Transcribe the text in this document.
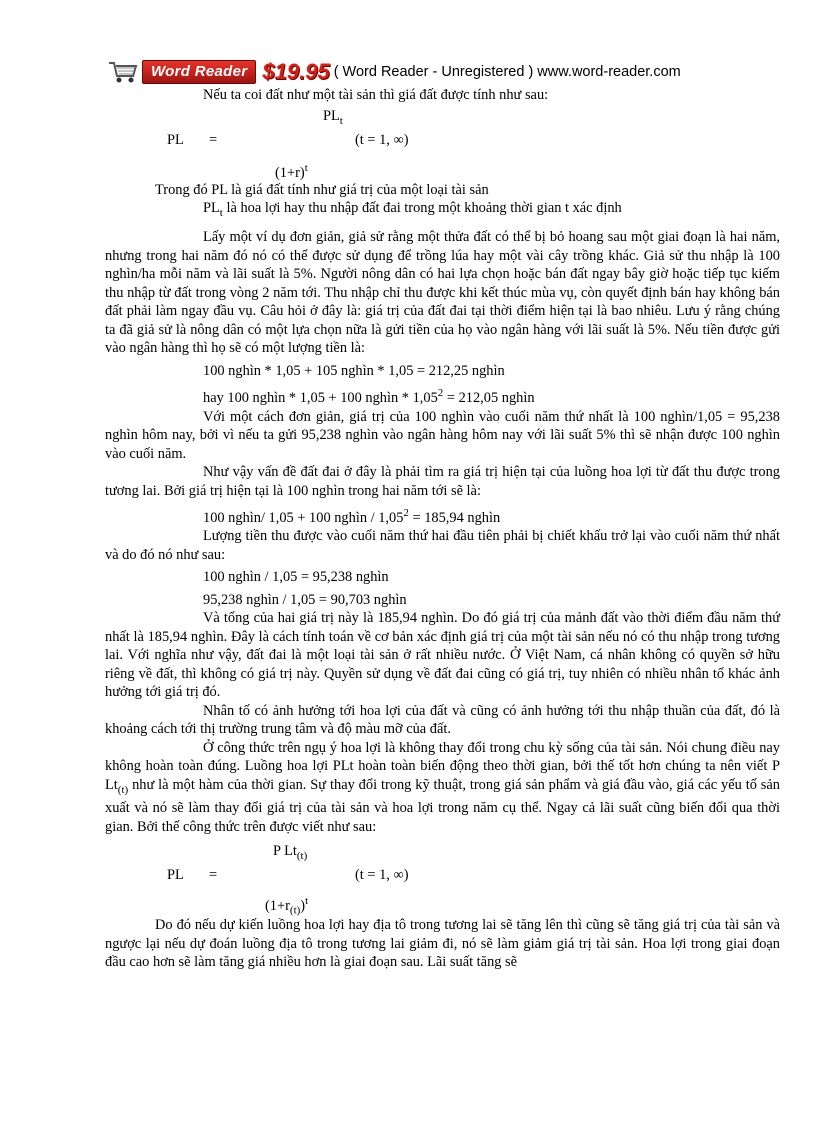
Word Reader $19.95 ( Word Reader - Unregistered ) www.word-reader.com

Nếu ta coi đất như một tài sản thì giá đất được tính như sau:

$PL_t$
PL =	(t = 1, ∞)
$(1+r)^t$

Trong đó PL là giá đất tính như giá trị của một loại tài sản

$PL_t$ là hoa lợi hay thu nhập đất đai trong một khoảng thời gian t xác định

Lấy một ví dụ đơn giản, giả sử rằng một thửa đất có thể bị bỏ hoang sau một giai đoạn là hai năm, nhưng trong hai năm đó nó có thể được sử dụng để trồng lúa hay một vài cây trồng khác. Giả sử thu nhập là 100 nghìn/ha mỗi năm và lãi suất là 5%. Người nông dân có hai lựa chọn hoặc bán đất ngay bây giờ hoặc tiếp tục kiếm thu nhập từ đất trong vòng 2 năm tới. Thu nhập chỉ thu được khi kết thúc mùa vụ, còn quyết định bán hay không bán đất phải làm ngay đầu vụ. Câu hỏi ở đây là: giá trị của đất đai tại thời điểm hiện tại là bao nhiêu. Lưu ý rằng chúng ta đã giả sử là nông dân có một lựa chọn nữa là gửi tiền của họ vào ngân hàng với lãi suất là 5%. Nếu tiền được gửi vào ngân hàng thì họ sẽ có một lượng tiền là:

100 nghìn * 1,05 + 105 nghìn * 1,05 = 212,25 nghìn

hay 100 nghìn * 1,05 + 100 nghìn * $1,05^2 = 212,05$ nghìn

Với một cách đơn giản, giá trị của 100 nghìn vào cuối năm thứ nhất là 100 nghìn/1,05 = 95,238 nghìn hôm nay, bởi vì nếu ta gửi 95,238 nghìn vào ngân hàng hôm nay với lãi suất 5% thì sẽ nhận được 100 nghìn vào cuối năm.

Như vậy vấn đề đất đai ở đây là phải tìm ra giá trị hiện tại của luồng hoa lợi từ đất thu được trong tương lai. Bởi giá trị hiện tại là 100 nghìn trong hai năm tới sẽ là:

100 nghìn/ 1,05 + 100 nghìn / $1,05^2 = 185,94$ nghìn

Lượng tiền thu được vào cuối năm thứ hai đầu tiên phải bị chiết khấu trở lại vào cuối năm thứ nhất và do đó nó như sau:

100 nghìn / 1,05 = 95,238 nghìn

95,238 nghìn / 1,05 = 90,703 nghìn

Và tổng của hai giá trị này là 185,94 nghìn. Do đó giá trị của mảnh đất vào thời điểm đầu năm thứ nhất là 185,94 nghìn. Đây là cách tính toán về cơ bản xác định giá trị của một tài sản nếu nó có thu nhập trong tương lai. Với nghĩa như vậy, đất đai là một loại tài sản ở rất nhiều nước. Ở Việt Nam, cá nhân không có quyền sở hữu riêng về đất, thì không có giá trị này. Quyền sử dụng về đất đai cũng có giá trị, tuy nhiên có nhiều nhân tố khác ảnh hưởng tới giá trị đó.

Nhân tố có ảnh hưởng tới hoa lợi của đất và cũng có ảnh hưởng tới thu nhập thuần của đất, đó là khoảng cách tới thị trường trung tâm và độ màu mỡ của đất.

Ở công thức trên ngụ ý hoa lợi là không thay đổi trong chu kỳ sống của tài sản. Nói chung điều nay không hoàn toàn đúng. Luồng hoa lợi PLt hoàn toàn biến động theo thời gian, bởi thế tốt hơn chúng ta nên viết P $Lt_{(t)}$ như là một hàm của thời gian. Sự thay đổi trong kỹ thuật, trong giá sản phẩm và giá đầu vào, giá các yếu tố sản xuất và nó sẽ làm thay đổi giá trị của tài sản và hoa lợi trong năm cụ thể. Ngay cả lãi suất cũng biến đổi qua thời gian. Bởi thế công thức trên được viết như sau:

P $Lt_{(t)}$
PL =	(t = 1, ∞)
$(1+r_{(t)})^t$

Do đó nếu dự kiến luồng hoa lợi hay địa tô trong tương lai sẽ tăng lên thì cũng sẽ tăng giá trị của tài sản và ngược lại nếu dự đoán luồng địa tô trong tương lai giảm đi, nó sẽ làm giảm giá trị tài sản. Hoa lợi trong giai đoạn đầu cao hơn sẽ làm tăng giá nhiều hơn là giai đoạn sau. Lãi suất tăng sẽ
